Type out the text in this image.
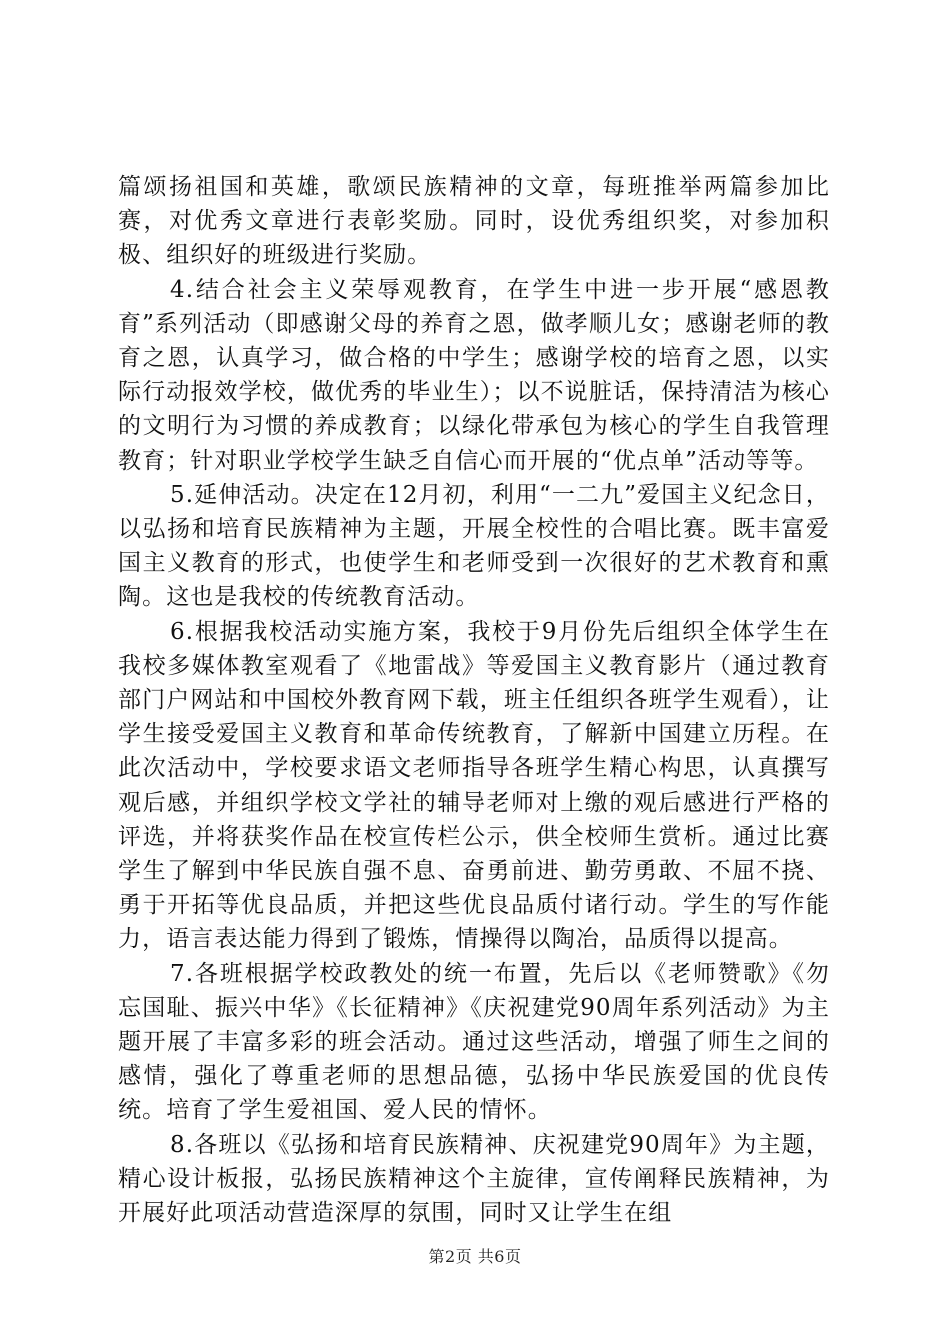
篇颂扬祖国和英雄，歌颂民族精神的文章，每班推举两篇参加比赛，对优秀文章进行表彰奖励。同时，设优秀组织奖，对参加积极、组织好的班级进行奖励。

4.结合社会主义荣辱观教育，在学生中进一步开展“感恩教育”系列活动（即感谢父母的养育之恩，做孝顺儿女；感谢老师的教育之恩，认真学习，做合格的中学生；感谢学校的培育之恩，以实际行动报效学校，做优秀的毕业生）；以不说脏话，保持清洁为核心的文明行为习惯的养成教育；以绿化带承包为核心的学生自我管理教育；针对职业学校学生缺乏自信心而开展的“优点单”活动等等。

5.延伸活动。决定在12月初，利用“一二九”爱国主义纪念日，以弘扬和培育民族精神为主题，开展全校性的合唱比赛。既丰富爱国主义教育的形式，也使学生和老师受到一次很好的艺术教育和熏陶。这也是我校的传统教育活动。

6.根据我校活动实施方案，我校于9月份先后组织全体学生在我校多媒体教室观看了《地雷战》等爱国主义教育影片（通过教育部门户网站和中国校外教育网下载，班主任组织各班学生观看），让学生接受爱国主义教育和革命传统教育，了解新中国建立历程。在此次活动中，学校要求语文老师指导各班学生精心构思，认真撰写观后感，并组织学校文学社的辅导老师对上缴的观后感进行严格的评选，并将获奖作品在校宣传栏公示，供全校师生赏析。通过比赛学生了解到中华民族自强不息、奋勇前进、勤劳勇敢、不屈不挠、勇于开拓等优良品质，并把这些优良品质付诸行动。学生的写作能力，语言表达能力得到了锻炼，情操得以陶冶，品质得以提高。

7.各班根据学校政教处的统一布置，先后以《老师赞歌》《勿忘国耻、振兴中华》《长征精神》《庆祝建党90周年系列活动》为主题开展了丰富多彩的班会活动。通过这些活动，增强了师生之间的感情，强化了尊重老师的思想品德，弘扬中华民族爱国的优良传统。培育了学生爱祖国、爱人民的情怀。

8.各班以《弘扬和培育民族精神、庆祝建党90周年》为主题，精心设计板报，弘扬民族精神这个主旋律，宣传阐释民族精神，为开展好此项活动营造深厚的氛围，同时又让学生在组

第2页 共6页
